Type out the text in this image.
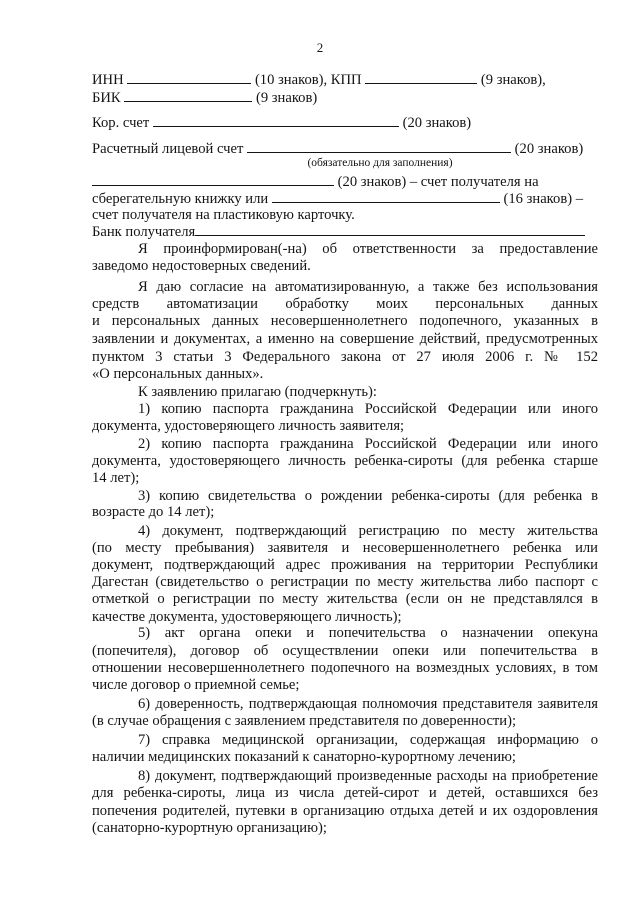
2
ИНН	(10 знаков), КПП	(9 знаков),
БИК	(9 знаков)
Кор. счет	(20 знаков)
Расчетный лицевой счет	(20 знаков)
(обязательно для заполнения)
(20 знаков) – счет получателя на
сберегательную книжку или	(16 знаков) –
счет получателя на пластиковую карточку.
Банк получателя
Я проинформирован(-на) об ответственности за предоставление
заведомо недостоверных сведений.
Я даю согласие на автоматизированную, а также без использования
средств автоматизации обработку моих персональных данных
и персональных данных несовершеннолетнего подопечного, указанных в
заявлении и документах, а именно на совершение действий, предусмотренных
пунктом 3 статьи 3 Федерального закона от 27 июля 2006 г. № 152
«О персональных данных».
К заявлению прилагаю (подчеркнуть):
1) копию паспорта гражданина Российской Федерации или иного
документа, удостоверяющего личность заявителя;
2) копию паспорта гражданина Российской Федерации или иного
документа, удостоверяющего личность ребенка-сироты (для ребенка старше
14 лет);
3) копию свидетельства о рождении ребенка-сироты (для ребенка в
возрасте до 14 лет);
4) документ, подтверждающий регистрацию по месту жительства
(по месту пребывания) заявителя и несовершеннолетнего ребенка или
документ, подтверждающий адрес проживания на территории Республики
Дагестан (свидетельство о регистрации по месту жительства либо паспорт с
отметкой о регистрации по месту жительства (если он не представлялся в
качестве документа, удостоверяющего личность);
5) акт органа опеки и попечительства о назначении опекуна
(попечителя), договор об осуществлении опеки или попечительства в
отношении несовершеннолетнего подопечного на возмездных условиях, в том
числе договор о приемной семье;
6) доверенность, подтверждающая полномочия представителя заявителя
(в случае обращения с заявлением представителя по доверенности);
7) справка медицинской организации, содержащая информацию о
наличии медицинских показаний к санаторно-курортному лечению;
8) документ, подтверждающий произведенные расходы на приобретение
для ребенка-сироты, лица из числа детей-сирот и детей, оставшихся без
попечения родителей, путевки в организацию отдыха детей и их оздоровления
(санаторно-курортную организацию);
